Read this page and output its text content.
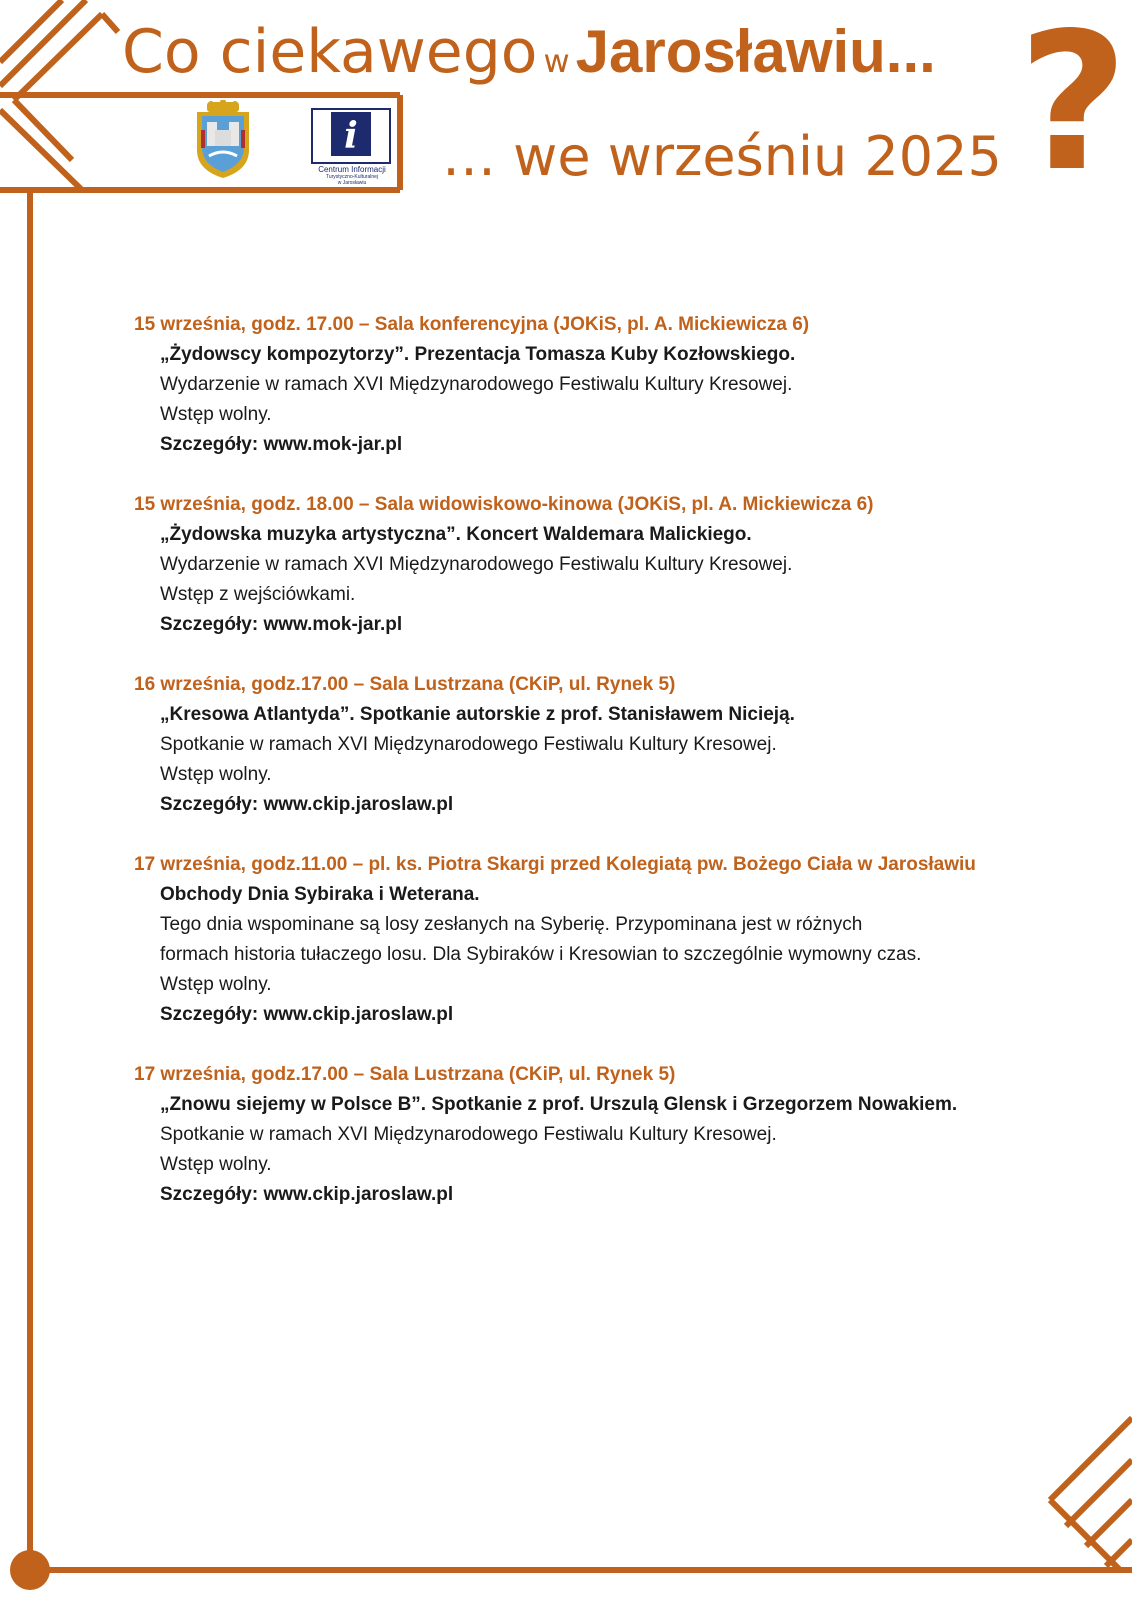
Co ciekawego w Jarosławiu...
… we wrześniu 2025 ?
i
Centrum Informacji
Turystyczno-Kulturalnej
w Jarosławiu

15 września, godz. 17.00 – Sala konferencyjna (JOKiS, pl. A. Mickiewicza 6)

„Żydowscy kompozytorzy”. Prezentacja Tomasza Kuby Kozłowskiego.

Wydarzenie w ramach XVI Międzynarodowego Festiwalu Kultury Kresowej.

Wstęp wolny.

Szczegóły: www.mok-jar.pl

15 września, godz. 18.00 – Sala widowiskowo-kinowa (JOKiS, pl. A. Mickiewicza 6)

„Żydowska muzyka artystyczna”. Koncert Waldemara Malickiego.

Wydarzenie w ramach XVI Międzynarodowego Festiwalu Kultury Kresowej.

Wstęp z wejściówkami.

Szczegóły: www.mok-jar.pl

16 września, godz.17.00 – Sala Lustrzana (CKiP, ul. Rynek 5)

„Kresowa Atlantyda”. Spotkanie autorskie z prof. Stanisławem Nicieją.

Spotkanie w ramach XVI Międzynarodowego Festiwalu Kultury Kresowej.

Wstęp wolny.

Szczegóły: www.ckip.jaroslaw.pl

17 września, godz.11.00 – pl. ks. Piotra Skargi przed Kolegiatą pw. Bożego Ciała w Jarosławiu

Obchody Dnia Sybiraka i Weterana.

Tego dnia wspominane są losy zesłanych na Syberię. Przypominana jest w różnych

formach historia tułaczego losu. Dla Sybiraków i Kresowian to szczególnie wymowny czas.

Wstęp wolny.

Szczegóły: www.ckip.jaroslaw.pl

17 września, godz.17.00 – Sala Lustrzana (CKiP, ul. Rynek 5)

„Znowu siejemy w Polsce B”. Spotkanie z prof. Urszulą Glensk i Grzegorzem Nowakiem.

Spotkanie w ramach XVI Międzynarodowego Festiwalu Kultury Kresowej.

Wstęp wolny.

Szczegóły: www.ckip.jaroslaw.pl
